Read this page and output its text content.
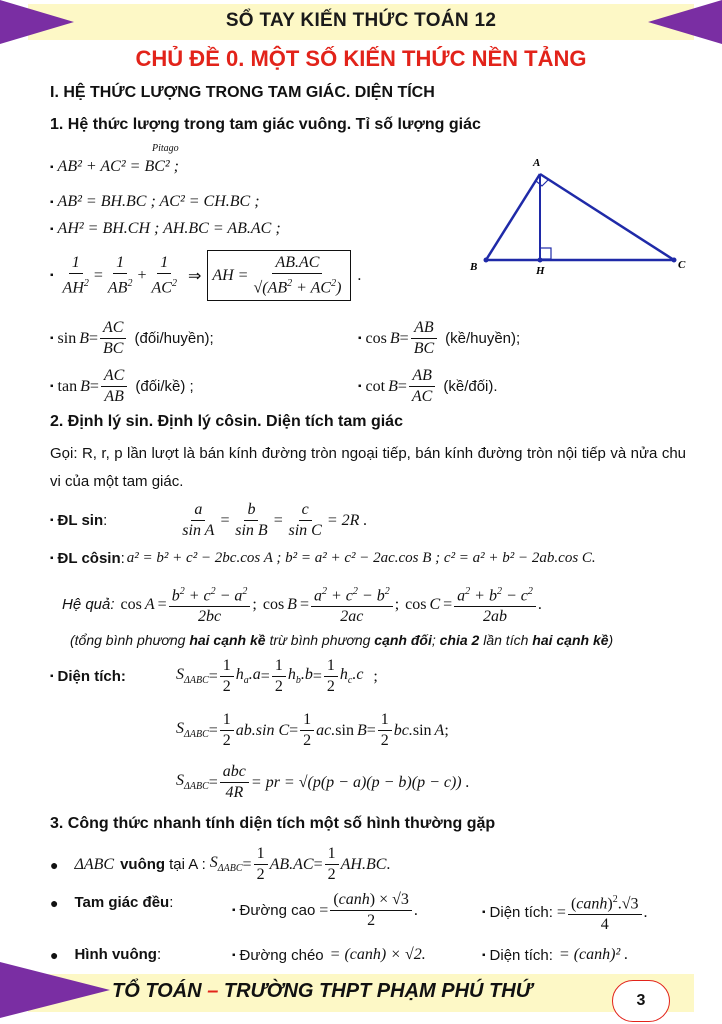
SỔ TAY KIẾN THỨC TOÁN 12
CHỦ ĐỀ 0. MỘT SỐ KIẾN THỨC NỀN TẢNG
I. HỆ THỨC LƯỢNG TRONG TAM GIÁC. DIỆN TÍCH
1. Hệ thức lượng trong tam giác vuông. Tỉ số lượng giác
Pitago
▪ AB² + AC² = BC² ;
▪ AB² = BH.BC ; AC² = CH.BC ;
▪ AH² = BH.CH ; AH.BC = AB.AC ;
▪ $\frac{1}{AH^2} = \frac{1}{AB^2} + \frac{1}{AC^2}$ ⇒ AH = $\frac{AB.AC}{√(AB^2 + AC^2)}$ .
▪ $\sin B = \frac{AC}{BC}$ (đối/huyền);	▪ $\cos B = \frac{AB}{BC}$ (kề/huyền);
▪ $\tan B = \frac{AC}{AB}$ (đối/kề) ;	▪ $\cot B = \frac{AB}{AC}$ (kề/đối).
A
B	H	C
2. Định lý sin. Định lý côsin. Diện tích tam giác
Gọi: R, r, p lần lượt là bán kính đường tròn ngoại tiếp, bán kính đường tròn nội tiếp và nửa chu vi của một tam giác.
▪ ĐL sin :	$\frac{a}{\text{sin A}} = \frac{b}{\text{sin B}} = \frac{c}{\text{sin C}} = 2R$ .
▪ ĐL côsin : a² = b² + c² − 2bc.cos A ; b² = a² + c² − 2ac.cos B ; c² = a² + b² − 2ab.cos C.
Hệ quả: $\cos A = \frac{b^2 + c^2 - a^2}{2bc}$ ; $\cos B = \frac{a^2 + c^2 - b^2}{2ac}$ ; $\cos C = \frac{a^2 + b^2 - c^2}{2ab}$ .
(tổng bình phương hai cạnh kề trừ bình phương cạnh đối; chia 2 lần tích hai cạnh kề)
▪ Diện tích:	$S_{\Delta ABC} = \frac{1}{2} h_a.a = \frac{1}{2} h_b.b = \frac{1}{2} h_c.c$ ;
$S_{\Delta ABC} = \frac{1}{2} ab.\sin$ $C = \frac{1}{2}$ ac. $\sin B = \frac{1}{2}$ bc. sin A ;
$S_{\Delta ABC} = \frac{\text{abc}}{4R}$ = pr = √(p(p − a)(p − b)(p − c)) .
3. Công thức nhanh tính diện tích một số hình thường gặp
● ΔABC vuông tại A : $S_{\Delta ABC} = \frac{1}{2} AB.AC = \frac{1}{2} AH.BC$ .
● Tam giác đều :	▪ Đường cao = $\frac{\text{(canh) × √3}}{2}$ .	▪ Diện tích: = $\frac{(canh)^2.√3}{4}$ .
● Hình vuông :	▪ Đường chéo = (canh) × √2.	▪ Diện tích: = (canh)² .
TỔ TOÁN – TRƯỜNG THPT PHẠM PHÚ THỨ	3
